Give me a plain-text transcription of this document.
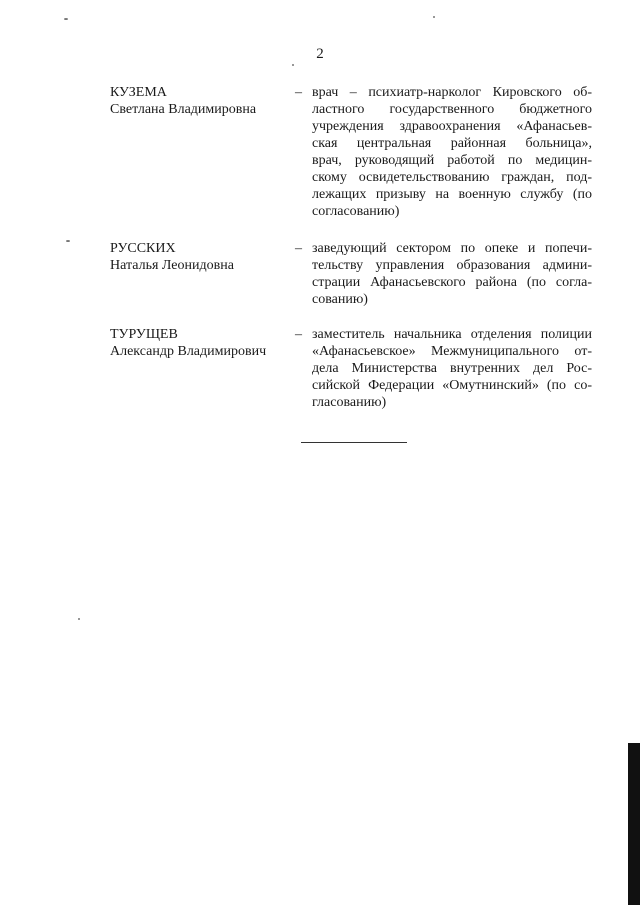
2
КУЗЕМА
Светлана Владимировна
– врач – психиатр-нарколог Кировского об-
ластного государственного бюджетного
учреждения здравоохранения «Афанасьев-
ская центральная районная больница»,
врач, руководящий работой по медицин-
скому освидетельствованию граждан, под-
лежащих призыву на военную службу (по
согласованию)
РУССКИХ
Наталья Леонидовна
– заведующий сектором по опеке и попечи-
тельству управления образования админи-
страции Афанасьевского района (по согла-
сованию)
ТУРУЩЕВ
Александр Владимирович
– заместитель начальника отделения полиции
«Афанасьевское» Межмуниципального от-
дела Министерства внутренних дел Рос-
сийской Федерации «Омутнинский» (по со-
гласованию)
